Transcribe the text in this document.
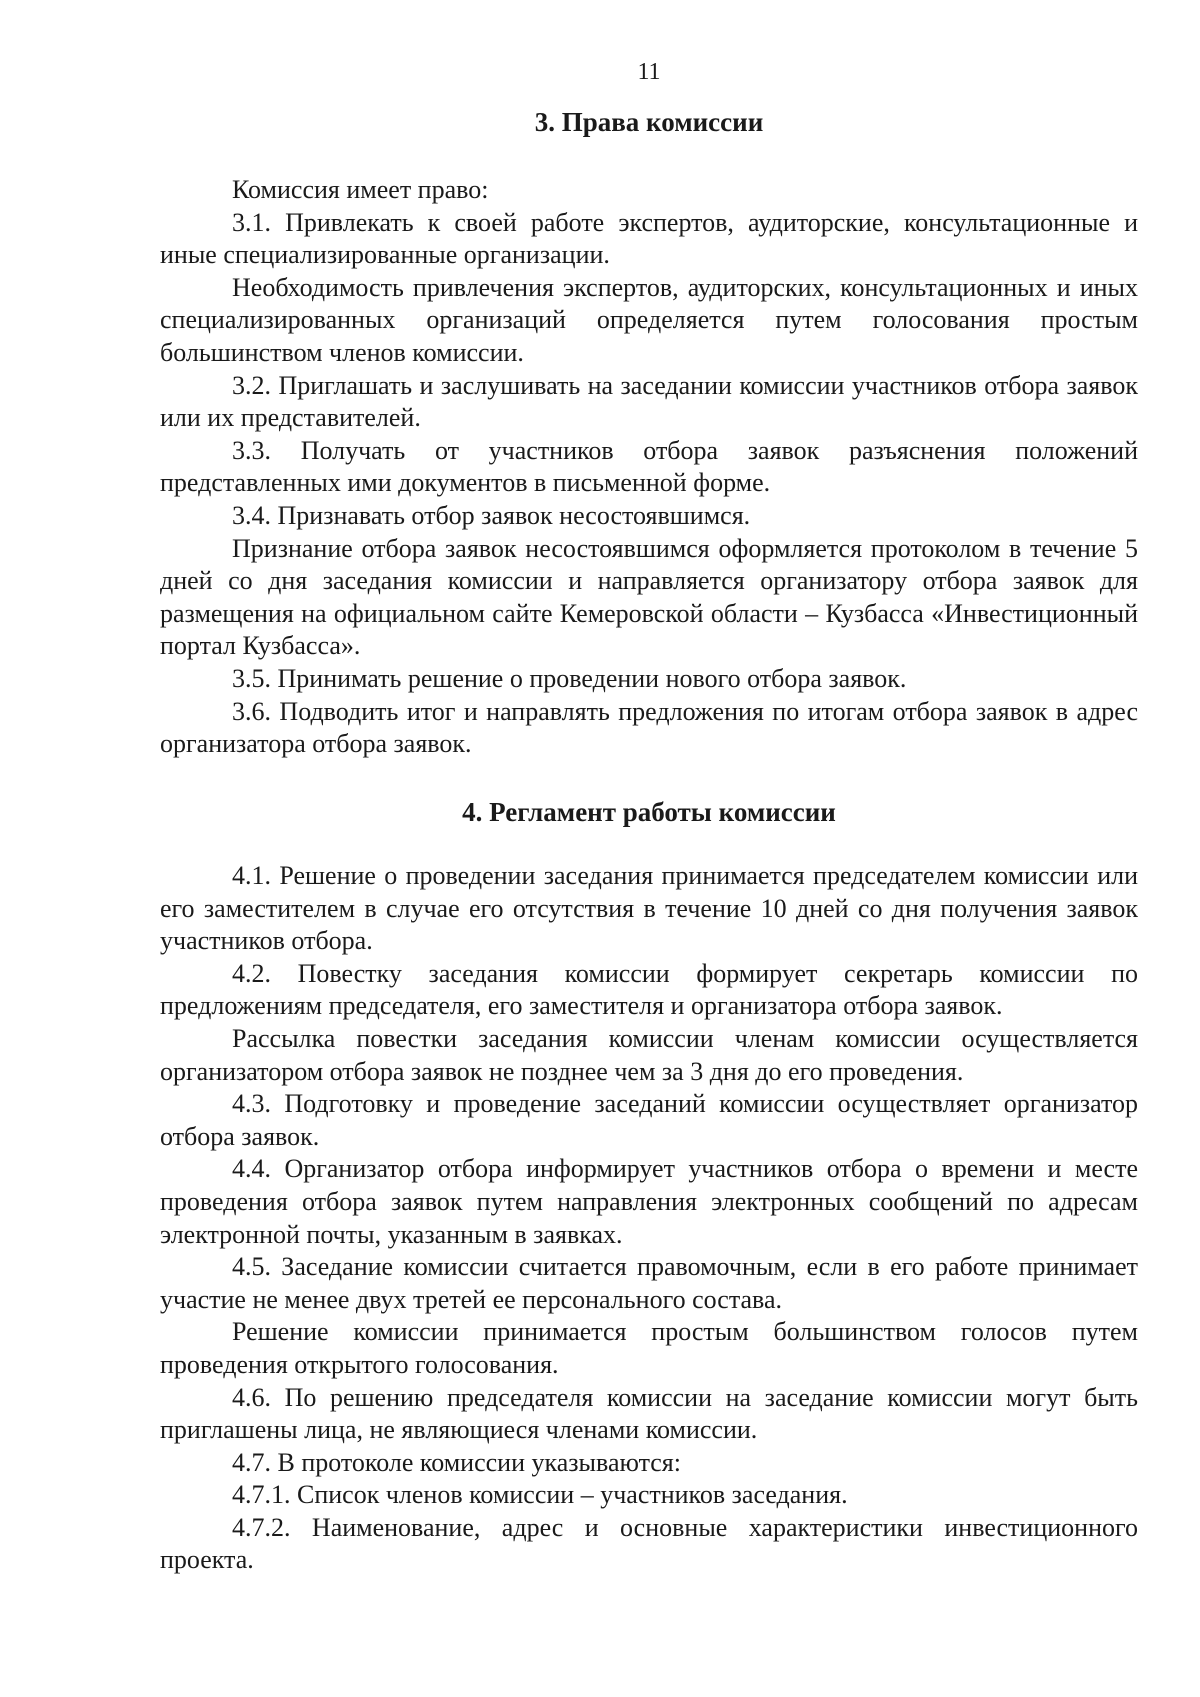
11
3. Права комиссии

Комиссия имеет право:

3.1. Привлекать к своей работе экспертов, аудиторские, консультационные и иные специализированные организации.

Необходимость привлечения экспертов, аудиторских, консультационных и иных специализированных организаций определяется путем голосования простым большинством членов комиссии.

3.2. Приглашать и заслушивать на заседании комиссии участников отбора заявок или их представителей.

3.3. Получать от участников отбора заявок разъяснения положений представленных ими документов в письменной форме.

3.4. Признавать отбор заявок несостоявшимся.

Признание отбора заявок несостоявшимся оформляется протоколом в течение 5 дней со дня заседания комиссии и направляется организатору отбора заявок для размещения на официальном сайте Кемеровской области – Кузбасса «Инвестиционный портал Кузбасса».

3.5. Принимать решение о проведении нового отбора заявок.

3.6. Подводить итог и направлять предложения по итогам отбора заявок в адрес организатора отбора заявок.

4. Регламент работы комиссии

4.1. Решение о проведении заседания принимается председателем комиссии или его заместителем в случае его отсутствия в течение 10 дней со дня получения заявок участников отбора.

4.2. Повестку заседания комиссии формирует секретарь комиссии по предложениям председателя, его заместителя и организатора отбора заявок.

Рассылка повестки заседания комиссии членам комиссии осуществляется организатором отбора заявок не позднее чем за 3 дня до его проведения.

4.3. Подготовку и проведение заседаний комиссии осуществляет организатор отбора заявок.

4.4. Организатор отбора информирует участников отбора о времени и месте проведения отбора заявок путем направления электронных сообщений по адресам электронной почты, указанным в заявках.

4.5. Заседание комиссии считается правомочным, если в его работе принимает участие не менее двух третей ее персонального состава.

Решение комиссии принимается простым большинством голосов путем проведения открытого голосования.

4.6. По решению председателя комиссии на заседание комиссии могут быть приглашены лица, не являющиеся членами комиссии.

4.7. В протоколе комиссии указываются:

4.7.1. Список членов комиссии – участников заседания.

4.7.2. Наименование, адрес и основные характеристики инвестиционного проекта.
